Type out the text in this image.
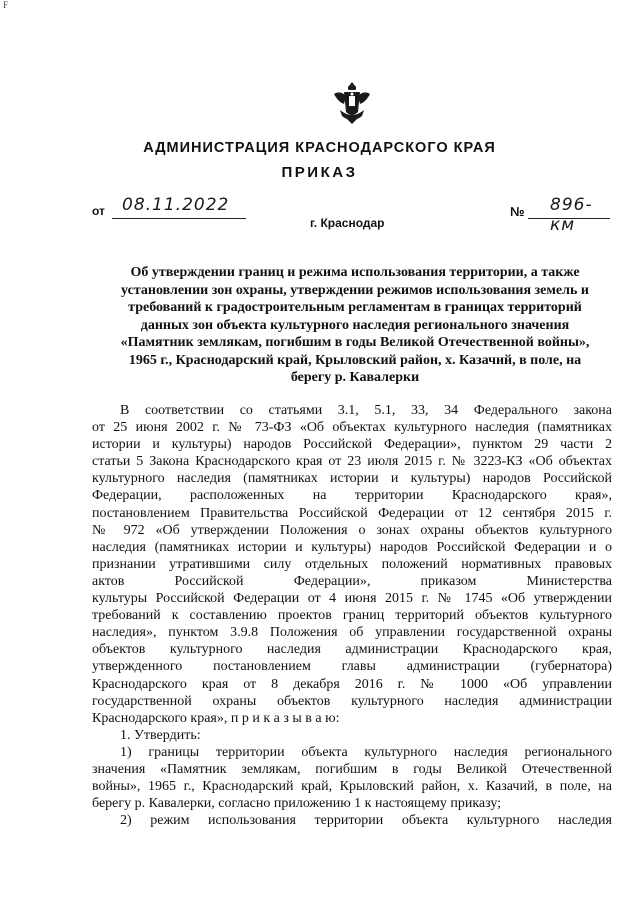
F
АДМИНИСТРАЦИЯ КРАСНОДАРСКОГО КРАЯ
ПРИКАЗ
от 08.11.2022
г. Краснодар
№ 896-км
Об утверждении границ и режима использования территории, а также
установлении зон охраны, утверждении режимов использования земель и
требований к градостроительным регламентам в границах территорий
данных зон объекта культурного наследия регионального значения
«Памятник землякам, погибшим в годы Великой Отечественной войны»,
1965 г., Краснодарский край, Крыловский район, х. Казачий, в поле, на
берегу р. Кавалерки
В соответствии со статьями 3.1, 5.1, 33, 34 Федерального закона
от 25 июня 2002 г. № 73-ФЗ «Об объектах культурного наследия (памятниках
истории и культуры) народов Российской Федерации», пунктом 29 части 2
статьи 5 Закона Краснодарского края от 23 июля 2015 г. № 3223-КЗ «Об объектах
культурного наследия (памятниках истории и культуры) народов Российской
Федерации, расположенных на территории Краснодарского края»,
постановлением Правительства Российской Федерации от 12 сентября 2015 г.
№ 972 «Об утверждении Положения о зонах охраны объектов культурного
наследия (памятниках истории и культуры) народов Российской Федерации и о
признании утратившими силу отдельных положений нормативных правовых
актов Российской Федерации», приказом Министерства
культуры Российской Федерации от 4 июня 2015 г. № 1745 «Об утверждении
требований к составлению проектов границ территорий объектов культурного
наследия», пунктом 3.9.8 Положения об управлении государственной охраны
объектов культурного наследия администрации Краснодарского края,
утвержденного постановлением главы администрации (губернатора)
Краснодарского края от 8 декабря 2016 г. № 1000 «Об управлении
государственной охраны объектов культурного наследия администрации
Краснодарского края», п р и к а з ы в а ю:
1. Утвердить:
1) границы территории объекта культурного наследия регионального
значения «Памятник землякам, погибшим в годы Великой Отечественной
войны», 1965 г., Краснодарский край, Крыловский район, х. Казачий, в поле, на
берегу р. Кавалерки, согласно приложению 1 к настоящему приказу;
2) режим использования территории объекта культурного наследия
